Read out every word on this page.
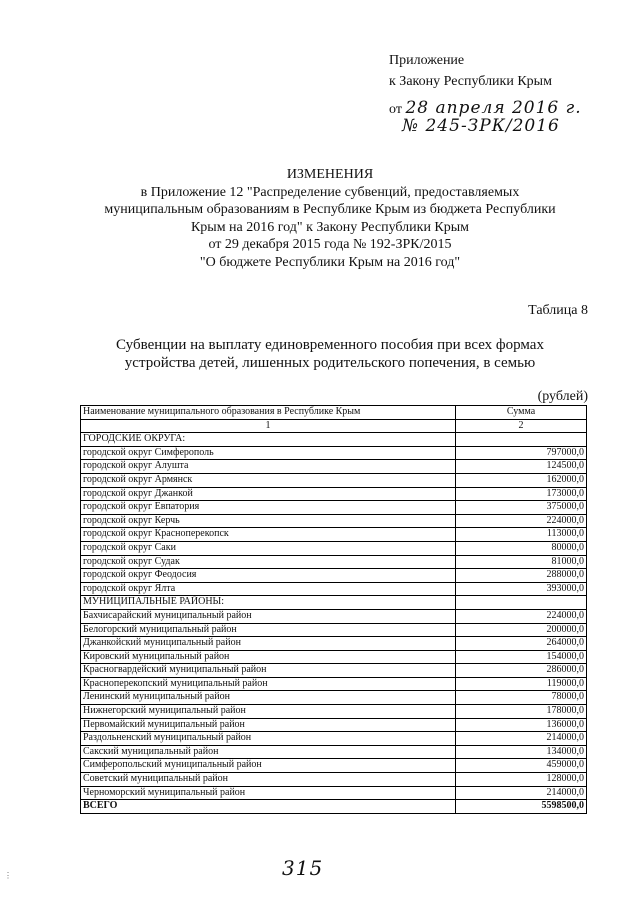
Приложение
к Закону Республики Крым
от 28 апреля 2016 г.
№ 245-ЗРК/2016
ИЗМЕНЕНИЯ
в Приложение 12 "Распределение субвенций, предоставляемых
муниципальным образованиям в Республике Крым из бюджета Республики
Крым на 2016 год" к Закону Республики Крым
от 29 декабря 2015 года № 192-ЗРК/2015
"О бюджете Республики Крым на 2016 год"
Таблица 8
Субвенции на выплату единовременного пособия при всех формах
устройства детей, лишенных родительского попечения, в семью
(рублей)
Наименование муниципального образования в Республике Крым	Сумма
1	2
ГОРОДСКИЕ ОКРУГА:	
городской округ Симферополь	797000,0
городской округ Алушта	124500,0
городской округ Армянск	162000,0
городской округ Джанкой	173000,0
городской округ Евпатория	375000,0
городской округ Керчь	224000,0
городской округ Красноперекопск	113000,0
городской округ Саки	80000,0
городской округ Судак	81000,0
городской округ Феодосия	288000,0
городской округ Ялта	393000,0
МУНИЦИПАЛЬНЫЕ РАЙОНЫ:	
Бахчисарайский муниципальный район	224000,0
Белогорский муниципальный район	200000,0
Джанкойский муниципальный район	264000,0
Кировский муниципальный район	154000,0
Красногвардейский муниципальный район	286000,0
Красноперекопский муниципальный район	119000,0
Ленинский муниципальный район	78000,0
Нижнегорский муниципальный район	178000,0
Первомайский муниципальный район	136000,0
Раздольненский муниципальный район	214000,0
Сакский муниципальный район	134000,0
Симферопольский муниципальный район	459000,0
Советский муниципальный район	128000,0
Черноморский муниципальный район	214000,0
ВСЕГО	5598500,0
315
⋮
